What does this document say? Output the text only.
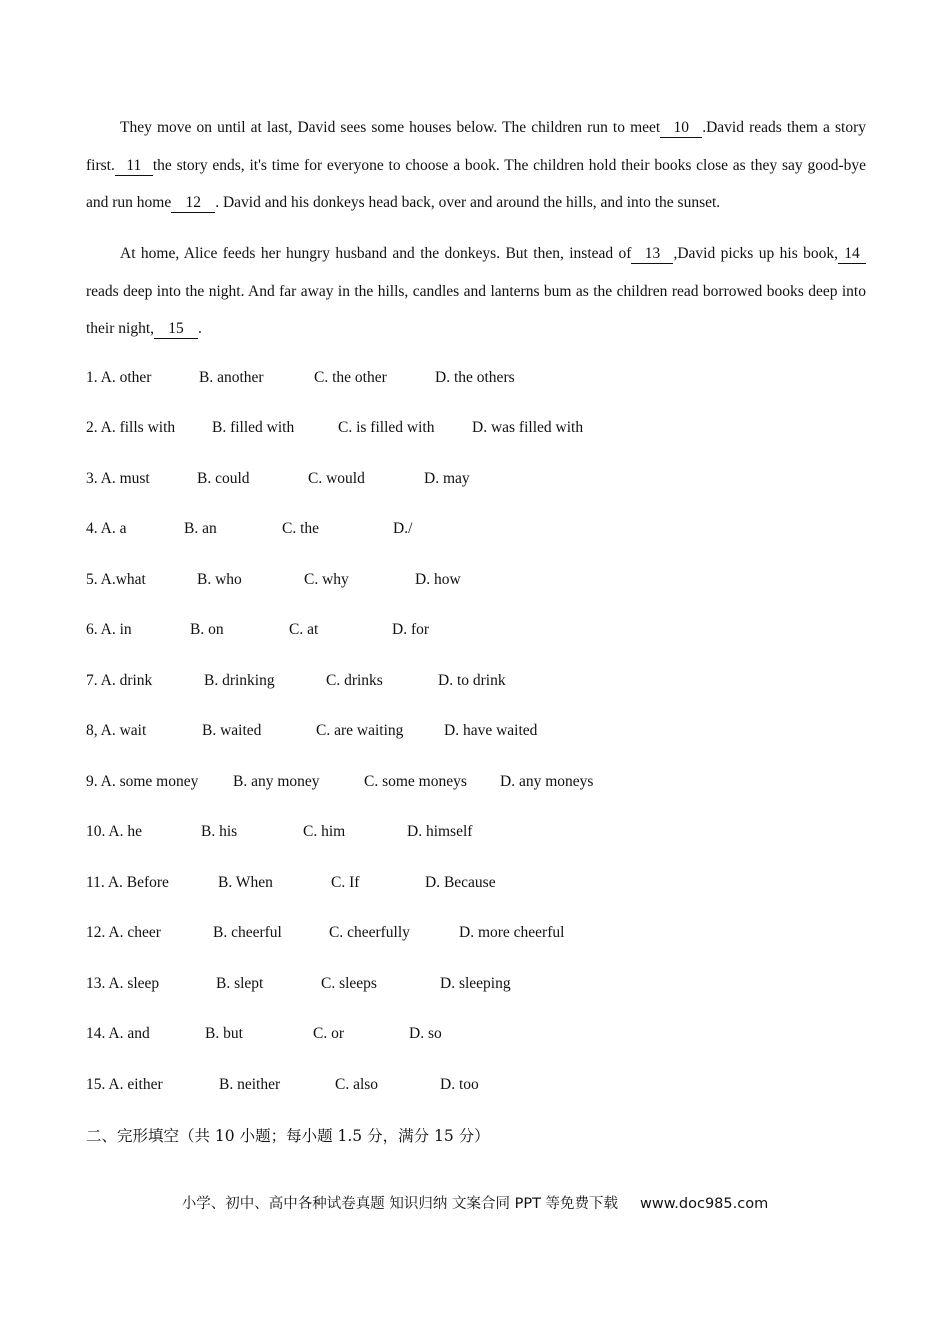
They move on until at last, David sees some houses below. The children run to meet 10 .David reads them a story first. 11 the story ends, it's time for everyone to choose a book. The children hold their books close as they say good-bye and run home 12 . David and his donkeys head back, over and around the hills, and into the sunset.

At home, Alice feeds her hungry husband and the donkeys. But then, instead of 13 ,David picks up his book, 14reads deep into the night. And far away in the hills, candles and lanterns bum as the children read borrowed books deep into their night, 15 .

1. A. other	B. another	C. the other	D. the others
2. A. fills with B. filled with	C. is filled with D. was filled with
3. A. must	B. could	C. would	D. may
4. A. a	B. an	C. the	D./
5. A.what	B. who	C. why	D. how
6. A. in	B. on	C. at	D. for
7. A. drink	B. drinking	C. drinks	D. to drink
8, A. wait	B. waited	C. are waiting	D. have waited
9. A. some money B. any money	C. some moneys D. any moneys
10. A. he	B. his	C. him	D. himself
11. A. Before	B. When	C. If	D. Because
12. A. cheer	B. cheerful	C. cheerfully	D. more cheerful
13. A. sleep	B. slept	C. sleeps	D. sleeping
14. A. and	B. but	C. or	D. so
15. A. either	B. neither	C. also	D. too
二、完形填空（共 10 小题；每小题 1.5 分，满分 15 分）
小学、初中、高中各种试卷真题 知识归纳 文案合同 PPT 等免费下载 www.doc985.com
